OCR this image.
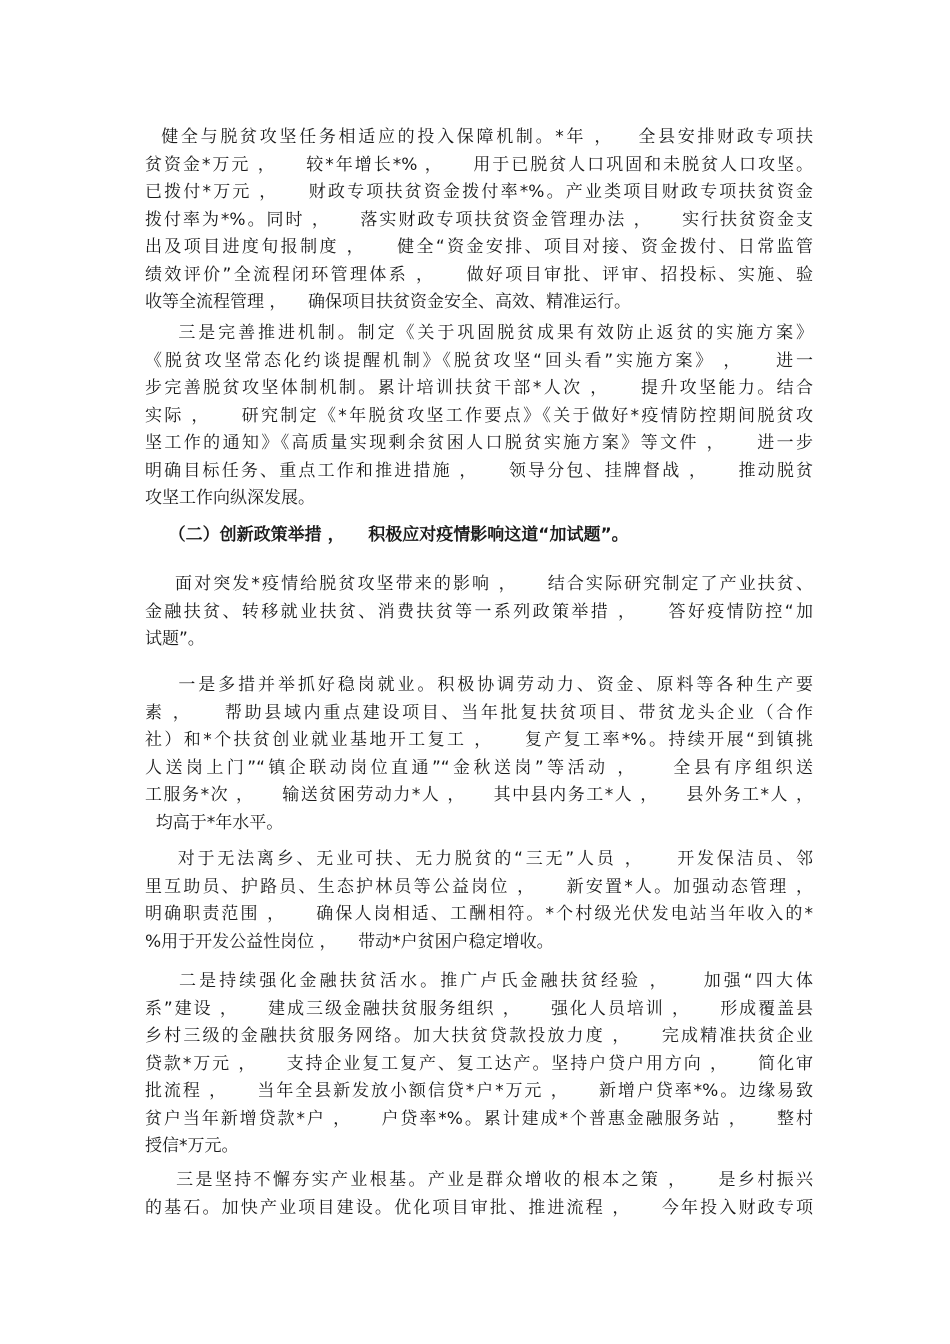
健全与脱贫攻坚任务相适应的投入保障机制。*年 ，   全县安排财政专项扶
贫资金*万元 ，    较*年增长*% ，    用于已脱贫人口巩固和未脱贫人口攻坚。
已拨付*万元 ，    财政专项扶贫资金拨付率*%。产业类项目财政专项扶贫资金
拨付率为*%。同时 ，    落实财政专项扶贫资金管理办法 ，    实行扶贫资金支
出及项目进度旬报制度 ，    健全“资金安排、项目对接、资金拨付、日常监管
绩效评价”全流程闭环管理体系 ，    做好项目审批、评审、招投标、实施、验
收等全流程管理 ，    确保项目扶贫资金安全、高效、精准运行。
三是完善推进机制。制定《关于巩固脱贫成果有效防止返贫的实施方案》
《脱贫攻坚常态化约谈提醒机制》《脱贫攻坚“回头看”实施方案》 ，    进一
步完善脱贫攻坚体制机制。累计培训扶贫干部*人次 ，    提升攻坚能力。结合
实际 ，    研究制定《*年脱贫攻坚工作要点》《关于做好*疫情防控期间脱贫攻
坚工作的通知》《高质量实现剩余贫困人口脱贫实施方案》等文件 ，    进一步
明确目标任务、重点工作和推进措施 ，    领导分包、挂牌督战 ，    推动脱贫
攻坚工作向纵深发展。
（二）创新政策举措 ，    积极应对疫情影响这道“加试题”。
面对突发*疫情给脱贫攻坚带来的影响 ，    结合实际研究制定了产业扶贫、
金融扶贫、转移就业扶贫、消费扶贫等一系列政策举措 ，    答好疫情防控“加
试题”。
一是多措并举抓好稳岗就业。积极协调劳动力、资金、原料等各种生产要
素 ，    帮助县域内重点建设项目、当年批复扶贫项目、带贫龙头企业（合作
社）和*个扶贫创业就业基地开工复工 ，    复产复工率*%。持续开展“到镇挑
人送岗上门”“镇企联动岗位直通”“金秋送岗”等活动 ，    全县有序组织送
工服务*次 ，    输送贫困劳动力*人 ，    其中县内务工*人 ，    县外务工*人 ，
均高于*年水平。
对于无法离乡、无业可扶、无力脱贫的“三无”人员 ，    开发保洁员、邻
里互助员、护路员、生态护林员等公益岗位 ，    新安置*人。加强动态管理 ，
明确职责范围 ，    确保人岗相适、工酬相符。*个村级光伏发电站当年收入的*
%用于开发公益性岗位 ，    带动*户贫困户稳定增收。
二是持续强化金融扶贫活水。推广卢氏金融扶贫经验 ，    加强“四大体
系”建设 ，    建成三级金融扶贫服务组织 ，    强化人员培训 ，    形成覆盖县
乡村三级的金融扶贫服务网络。加大扶贫贷款投放力度 ，    完成精准扶贫企业
贷款*万元 ，    支持企业复工复产、复工达产。坚持户贷户用方向 ，    简化审
批流程 ，    当年全县新发放小额信贷*户*万元 ，    新增户贷率*%。边缘易致
贫户当年新增贷款*户 ，    户贷率*%。累计建成*个普惠金融服务站 ，    整村
授信*万元。
三是坚持不懈夯实产业根基。产业是群众增收的根本之策 ，    是乡村振兴
的基石。加快产业项目建设。优化项目审批、推进流程 ，    今年投入财政专项
